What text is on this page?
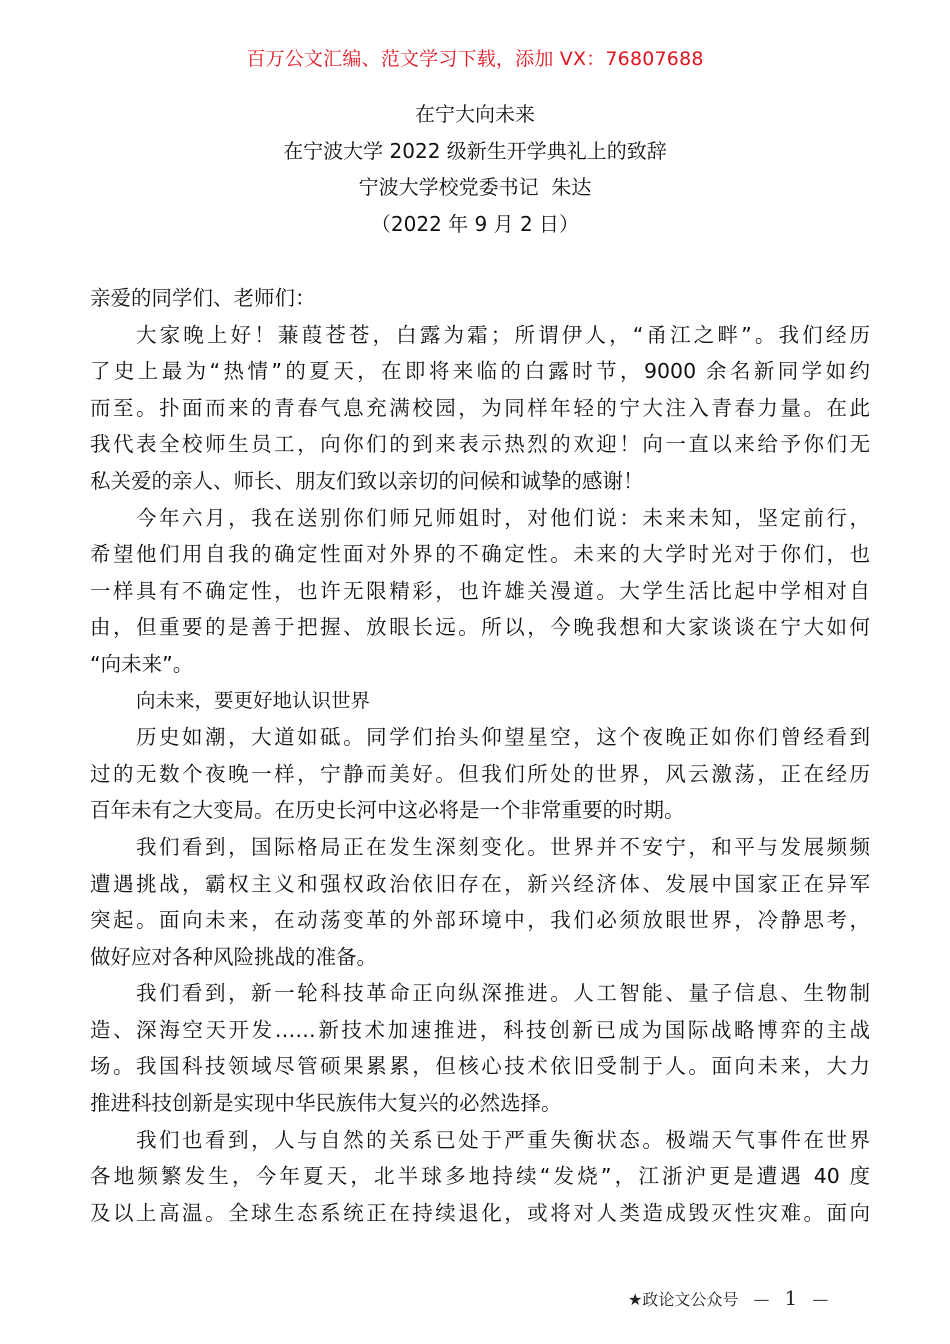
百万公文汇编、范文学习下载，添加 VX：76807688
在宁大向未来
在宁波大学 2022 级新生开学典礼上的致辞
宁波大学校党委书记  朱达
（2022 年 9 月 2 日）
亲爱的同学们、老师们：
大家晚上好！蒹葭苍苍，白露为霜；所谓伊人，“甬江之畔”。我们经历
了史上最为“热情”的夏天，在即将来临的白露时节，9000 余名新同学如约
而至。扑面而来的青春气息充满校园，为同样年轻的宁大注入青春力量。在此
我代表全校师生员工，向你们的到来表示热烈的欢迎！向一直以来给予你们无
私关爱的亲人、师长、朋友们致以亲切的问候和诚挚的感谢！
今年六月，我在送别你们师兄师姐时，对他们说：未来未知，坚定前行，
希望他们用自我的确定性面对外界的不确定性。未来的大学时光对于你们，也
一样具有不确定性，也许无限精彩，也许雄关漫道。大学生活比起中学相对自
由，但重要的是善于把握、放眼长远。所以，今晚我想和大家谈谈在宁大如何
“向未来”。
向未来，要更好地认识世界
历史如潮，大道如砥。同学们抬头仰望星空，这个夜晚正如你们曾经看到
过的无数个夜晚一样，宁静而美好。但我们所处的世界，风云激荡，正在经历
百年未有之大变局。在历史长河中这必将是一个非常重要的时期。
我们看到，国际格局正在发生深刻变化。世界并不安宁，和平与发展频频
遭遇挑战，霸权主义和强权政治依旧存在，新兴经济体、发展中国家正在异军
突起。面向未来，在动荡变革的外部环境中，我们必须放眼世界，冷静思考，
做好应对各种风险挑战的准备。
我们看到，新一轮科技革命正向纵深推进。人工智能、量子信息、生物制
造、深海空天开发……新技术加速推进，科技创新已成为国际战略博弈的主战
场。我国科技领域尽管硕果累累，但核心技术依旧受制于人。面向未来，大力
推进科技创新是实现中华民族伟大复兴的必然选择。
我们也看到，人与自然的关系已处于严重失衡状态。极端天气事件在世界
各地频繁发生，今年夏天，北半球多地持续“发烧”，江浙沪更是遭遇 40 度
及以上高温。全球生态系统正在持续退化，或将对人类造成毁灭性灾难。面向
★政论文公众号 — 1 —
